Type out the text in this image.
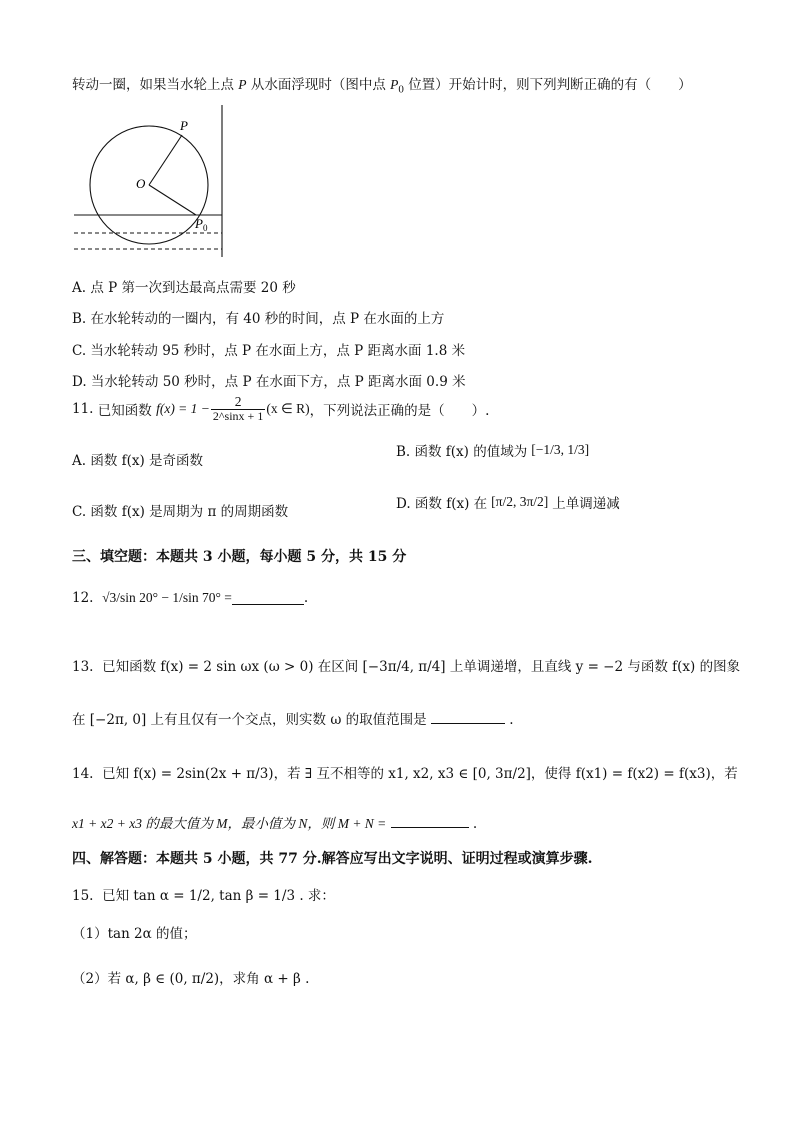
转动一圈，如果当水轮上点 P 从水面浮现时（图中点 $P_0$ 位置）开始计时，则下列判断正确的有（　　）
P
O
P 0
A. 点 P 第一次到达最高点需要 20 秒
B. 在水轮转动的一圈内，有 40 秒的时间，点 P 在水面的上方
C. 当水轮转动 95 秒时，点 P 在水面上方，点 P 距离水面 1.8 米
D. 当水轮转动 50 秒时，点 P 在水面下方，点 P 距离水面 0.9 米
11.
已知函数
$f(x) = 1 - \frac{2}{2\^{}\sin x + 1} (x$ ∈ R) ，下列说法正确的是（　　）.
A. 函数 f(x) 是奇函数
B. 函数 f(x) 的值域为 [−1/3, 1/3]
C. 函数 f(x) 是周期为 π 的周期函数	D. 函数 f(x) 在 [π/2, 3π/2] 上单调递减
三、填空题：本题共 3 小题，每小题 5 分，共 15 分
12.
√3/sin 20° − 1/sin 70° =	.
13. 已知函数 f(x) = 2 sin ωx (ω > 0) 在区间 [−3π/4, π/4] 上单调递增，且直线 y = −2 与函数 f(x) 的图象
在 [−2π, 0] 上有且仅有一个交点，则实数 ω 的取值范围是	.
14. 已知 f(x) = 2sin(2x + π/3)，若 ∃ 互不相等的 x1, x2, x3 ∈ [0, 3π/2]，使得 f(x1) = f(x2) = f(x3)，若
x1 + x2 + x3 的最大值为 M，最小值为 N，则 M + N =	.
四、解答题：本题共 5 小题，共 77 分.解答应写出文字说明、证明过程或演算步骤.
15. 已知 tan α = 1/2, tan β = 1/3 . 求：
（1）tan 2α 的值；
（2）若 α, β ∈ (0, π/2)，求角 α + β .
